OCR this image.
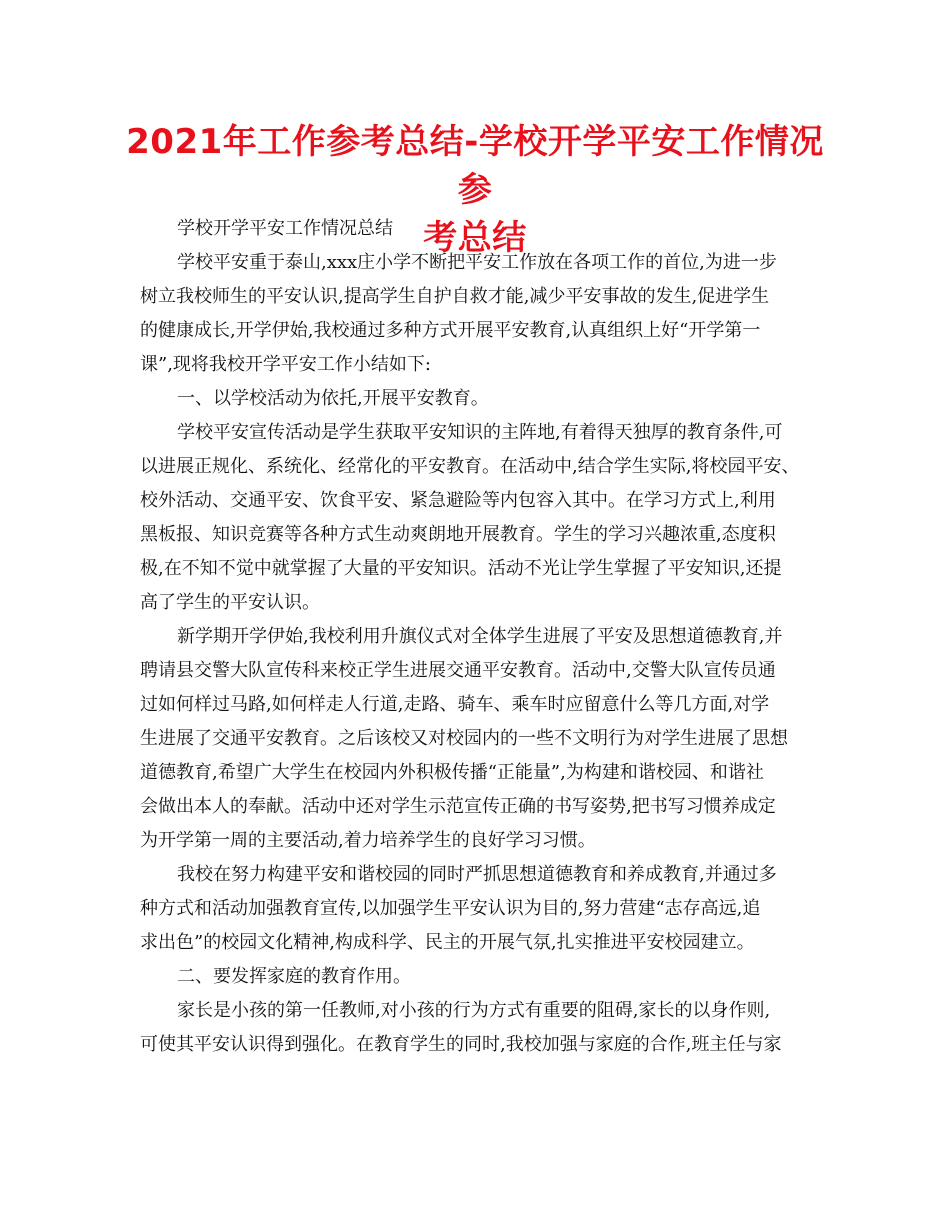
2021年工作参考总结-学校开学平安工作情况参
考总结
学校开学平安工作情况总结
学校平安重于泰山,xxx庄小学不断把平安工作放在各项工作的首位,为进一步
树立我校师生的平安认识,提高学生自护自救才能,减少平安事故的发生,促进学生
的健康成长,开学伊始,我校通过多种方式开展平安教育,认真组织上好“开学第一
课”,现将我校开学平安工作小结如下:
一、以学校活动为依托,开展平安教育。
学校平安宣传活动是学生获取平安知识的主阵地,有着得天独厚的教育条件,可
以进展正规化、系统化、经常化的平安教育。在活动中,结合学生实际,将校园平安、
校外活动、交通平安、饮食平安、紧急避险等内包容入其中。在学习方式上,利用
黑板报、知识竞赛等各种方式生动爽朗地开展教育。学生的学习兴趣浓重,态度积
极,在不知不觉中就掌握了大量的平安知识。活动不光让学生掌握了平安知识,还提
高了学生的平安认识。
新学期开学伊始,我校利用升旗仪式对全体学生进展了平安及思想道德教育,并
聘请县交警大队宣传科来校正学生进展交通平安教育。活动中,交警大队宣传员通
过如何样过马路,如何样走人行道,走路、骑车、乘车时应留意什么等几方面,对学
生进展了交通平安教育。之后该校又对校园内的一些不文明行为对学生进展了思想
道德教育,希望广大学生在校园内外积极传播“正能量”,为构建和谐校园、和谐社
会做出本人的奉献。活动中还对学生示范宣传正确的书写姿势,把书写习惯养成定
为开学第一周的主要活动,着力培养学生的良好学习习惯。
我校在努力构建平安和谐校园的同时严抓思想道德教育和养成教育,并通过多
种方式和活动加强教育宣传,以加强学生平安认识为目的,努力营建“志存高远,追
求出色”的校园文化精神,构成科学、民主的开展气氛,扎实推进平安校园建立。
二、要发挥家庭的教育作用。
家长是小孩的第一任教师,对小孩的行为方式有重要的阻碍,家长的以身作则,
可使其平安认识得到强化。在教育学生的同时,我校加强与家庭的合作,班主任与家
